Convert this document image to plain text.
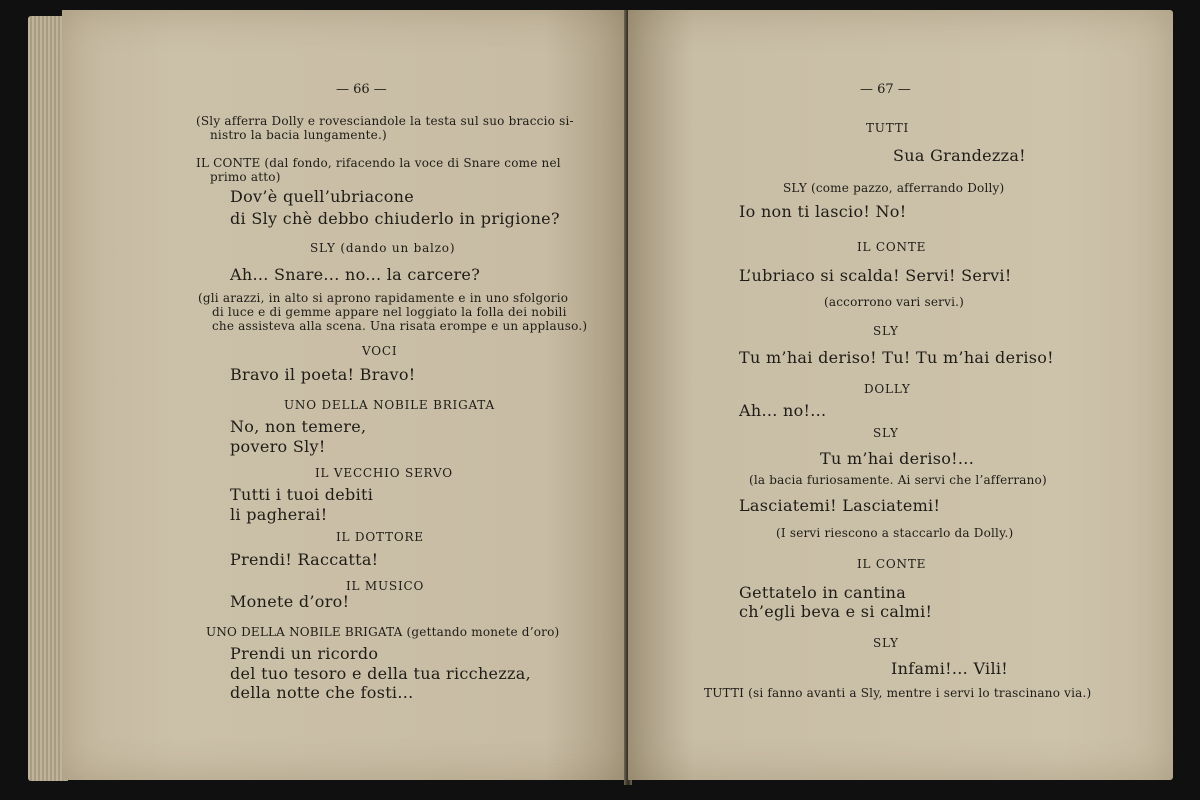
— 66 —
(Sly afferra Dolly e rovesciandole la testa sul suo braccio si-
nistro la bacia lungamente.)
IL CONTE (dal fondo, rifacendo la voce di Snare come nel
primo atto)
Dov’è quell’ubriacone
di Sly chè debbo chiuderlo in prigione?
SLY (dando un balzo)
Ah... Snare... no... la carcere?
(gli arazzi, in alto si aprono rapidamente e in uno sfolgorio
di luce e di gemme appare nel loggiato la folla dei nobili
che assisteva alla scena. Una risata erompe e un applauso.)
VOCI
Bravo il poeta! Bravo!
UNO DELLA NOBILE BRIGATA
No, non temere,
povero Sly!
IL VECCHIO SERVO
Tutti i tuoi debiti
li pagherai!
IL DOTTORE
Prendi! Raccatta!
IL MUSICO
Monete d’oro!
UNO DELLA NOBILE BRIGATA (gettando monete d’oro)
Prendi un ricordo
del tuo tesoro e della tua ricchezza,
della notte che fosti...
— 67 —
TUTTI
Sua Grandezza!
SLY (come pazzo, afferrando Dolly)
Io non ti lascio! No!
IL CONTE
L’ubriaco si scalda! Servi! Servi!
(accorrono vari servi.)
SLY
Tu m’hai deriso! Tu! Tu m’hai deriso!
DOLLY
Ah... no!...
SLY
Tu m’hai deriso!...
(la bacia furiosamente. Ai servi che l’afferrano)
Lasciatemi! Lasciatemi!
(I servi riescono a staccarlo da Dolly.)
IL CONTE
Gettatelo in cantina
ch’egli beva e si calmi!
SLY
Infami!... Vili!
TUTTI (si fanno avanti a Sly, mentre i servi lo trascinano via.)
